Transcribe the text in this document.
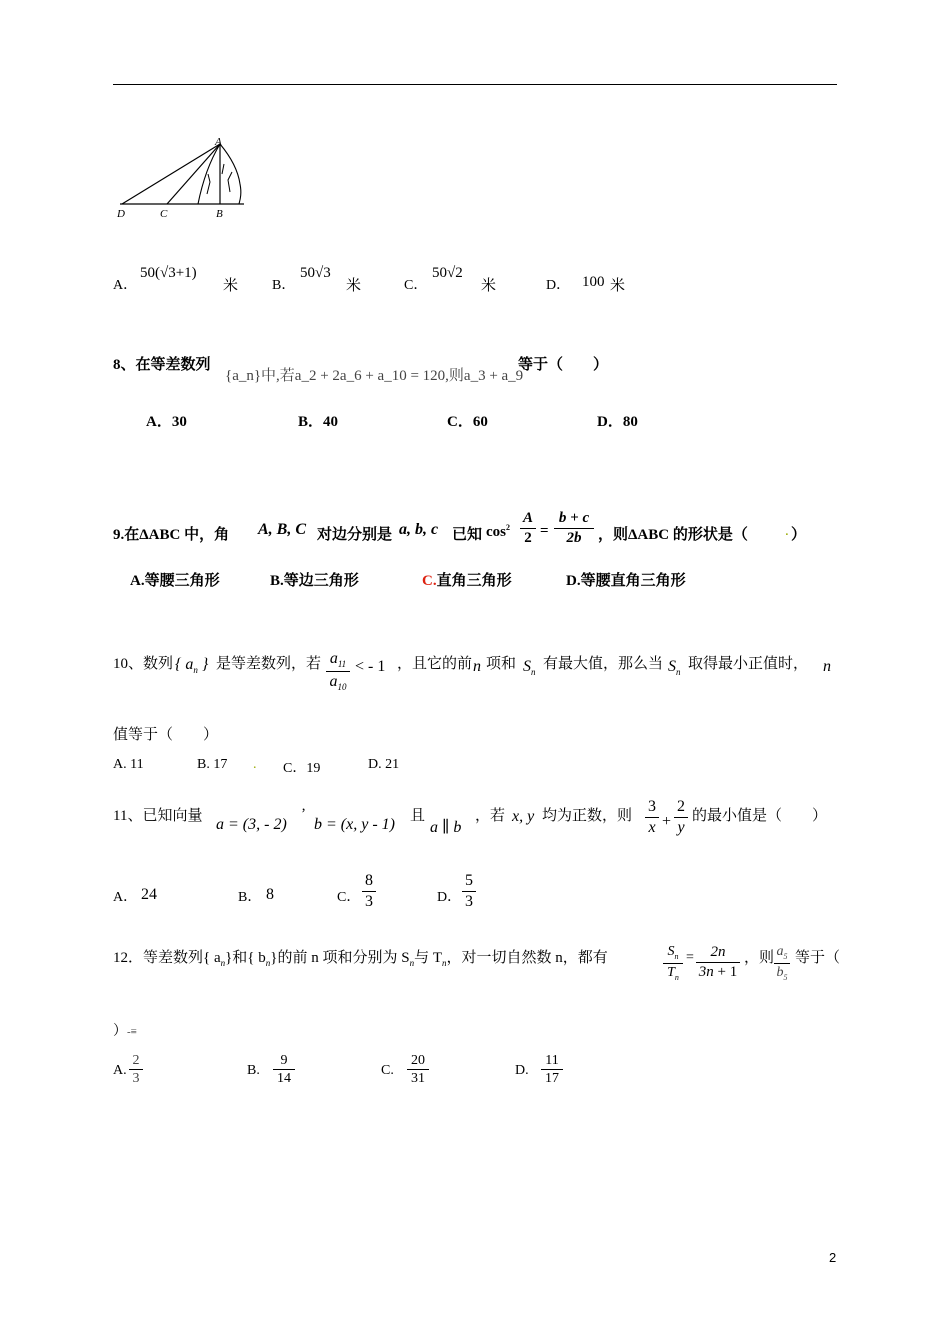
A
D	C	B
A．
50(√3+1)
米 B．
50√3
米	C．
50√2
米	D． 100 米
8、在等差数列
{a_n}中,若a_2 + 2a_6 + a_10 = 120,则a_3 + a_9
等于（　　）
A．30	B．40	C．60	D．80
9.在ΔABC 中，角 A, B, C 对边分别是 a, b, c 已知 $\cos^2$
A
2 =
b + c
2b	，则ΔABC 的形状是（ . ）
A.等腰三角形	B.等边三角形	C.直角三角形	D.等腰直角三角形
10、数列 { $a_n$ } 是等差数列，若 $a_{11}$
$a_{10}$
< - 1 ，且它的前 n 项和 $S_n$
有最大值，那么当 $S_n$
取得最小正值时， n
值等于（　　）
A. 11	B. 17 . C．19	D. 21
11、已知向量 a = (3, - 2)
’
b = (x, y - 1) 且
a ∥ b
，若 x, y 均为正数，则
3
x +
2
y
的最小值是（　　）
A． 24	B． 8	C．
8
3	D．
5
3
12．等差数列{ $a_n$}和{ $b_n$}的前 n 项和分别为 $S_n$与 $T_n$，对一切自然数 n，都有	$S_n$
$T_n$
=	2n
3n + 1
，则 $a_5$
$b_5$
等于（
）-≡
A.
2
3
B.
9
14
C.
20
31
D.
11
17
2
